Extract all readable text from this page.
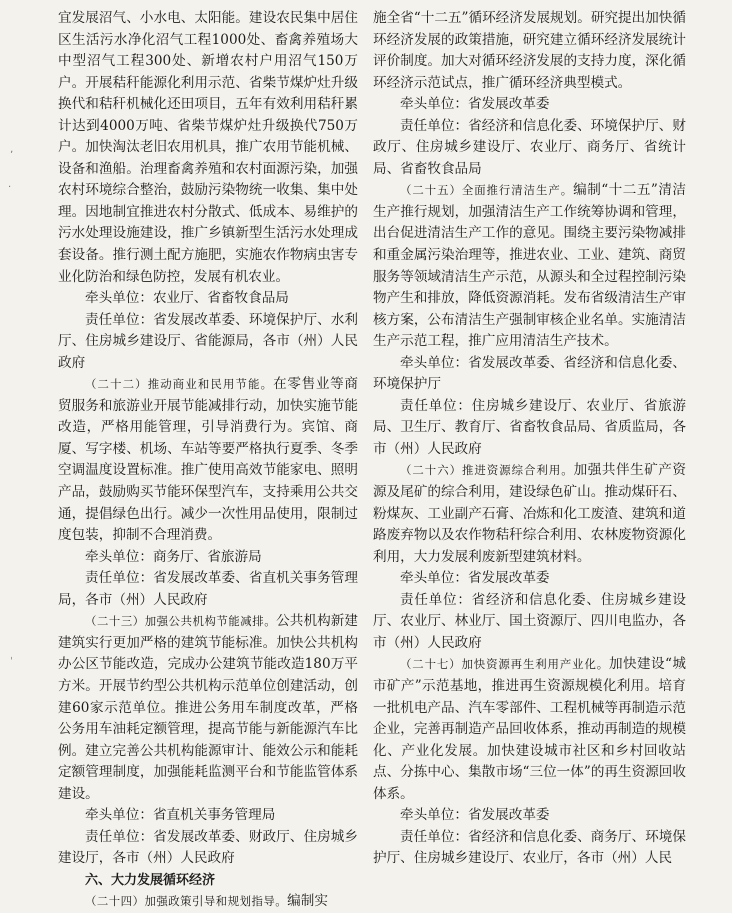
ʼ
·
ˌ

宜发展沼气、小水电、太阳能。建设农民集中居住区生活污水净化沼气工程1000处、畜禽养殖场大中型沼气工程300处、新增农村户用沼气150万户。开展秸秆能源化利用示范、省柴节煤炉灶升级换代和秸秆机械化还田项目，五年有效利用秸秆累计达到4000万吨、省柴节煤炉灶升级换代750万户。加快淘汰老旧农用机具，推广农用节能机械、设备和渔船。治理畜禽养殖和农村面源污染，加强农村环境综合整治，鼓励污染物统一收集、集中处理。因地制宜推进农村分散式、低成本、易维护的污水处理设施建设，推广乡镇新型生活污水处理成套设备。推行测土配方施肥，实施农作物病虫害专业化防治和绿色防控，发展有机农业。

牵头单位：农业厅、省畜牧食品局

责任单位：省发展改革委、环境保护厅、水利厅、住房城乡建设厅、省能源局，各市（州）人民政府

（二十二）推动商业和民用节能。在零售业等商贸服务和旅游业开展节能减排行动，加快实施节能改造，严格用能管理，引导消费行为。宾馆、商厦、写字楼、机场、车站等要严格执行夏季、冬季空调温度设置标准。推广使用高效节能家电、照明产品，鼓励购买节能环保型汽车，支持乘用公共交通，提倡绿色出行。减少一次性用品使用，限制过度包装，抑制不合理消费。

牵头单位：商务厅、省旅游局

责任单位：省发展改革委、省直机关事务管理局，各市（州）人民政府

（二十三）加强公共机构节能减排。公共机构新建建筑实行更加严格的建筑节能标准。加快公共机构办公区节能改造，完成办公建筑节能改造180万平方米。开展节约型公共机构示范单位创建活动，创建60家示范单位。推进公务用车制度改革，严格公务用车油耗定额管理，提高节能与新能源汽车比例。建立完善公共机构能源审计、能效公示和能耗定额管理制度，加强能耗监测平台和节能监管体系建设。

牵头单位：省直机关事务管理局

责任单位：省发展改革委、财政厅、住房城乡建设厅，各市（州）人民政府

六、大力发展循环经济

（二十四）加强政策引导和规划指导。编制实

施全省“十二五”循环经济发展规划。研究提出加快循环经济发展的政策措施，研究建立循环经济发展统计评价制度。加大对循环经济发展的支持力度，深化循环经济示范试点，推广循环经济典型模式。

牵头单位：省发展改革委

责任单位：省经济和信息化委、环境保护厅、财政厅、住房城乡建设厅、农业厅、商务厅、省统计局、省畜牧食品局

（二十五）全面推行清洁生产。编制“十二五”清洁生产推行规划，加强清洁生产工作统筹协调和管理，出台促进清洁生产工作的意见。围绕主要污染物减排和重金属污染治理等，推进农业、工业、建筑、商贸服务等领域清洁生产示范，从源头和全过程控制污染物产生和排放，降低资源消耗。发布省级清洁生产审核方案，公布清洁生产强制审核企业名单。实施清洁生产示范工程，推广应用清洁生产技术。

牵头单位：省发展改革委、省经济和信息化委、环境保护厅

责任单位：住房城乡建设厅、农业厅、省旅游局、卫生厅、教育厅、省畜牧食品局、省质监局，各市（州）人民政府

（二十六）推进资源综合利用。加强共伴生矿产资源及尾矿的综合利用，建设绿色矿山。推动煤矸石、粉煤灰、工业副产石膏、冶炼和化工废渣、建筑和道路废弃物以及农作物秸秆综合利用、农林废物资源化利用，大力发展利废新型建筑材料。

牵头单位：省发展改革委

责任单位：省经济和信息化委、住房城乡建设厅、农业厅、林业厅、国土资源厅、四川电监办，各市（州）人民政府

（二十七）加快资源再生利用产业化。加快建设“城市矿产”示范基地，推进再生资源规模化利用。培育一批机电产品、汽车零部件、工程机械等再制造示范企业，完善再制造产品回收体系，推动再制造的规模化、产业化发展。加快建设城市社区和乡村回收站点、分拣中心、集散市场“三位一体”的再生资源回收体系。

牵头单位：省发展改革委

责任单位：省经济和信息化委、商务厅、环境保护厅、住房城乡建设厅、农业厅，各市（州）人民
